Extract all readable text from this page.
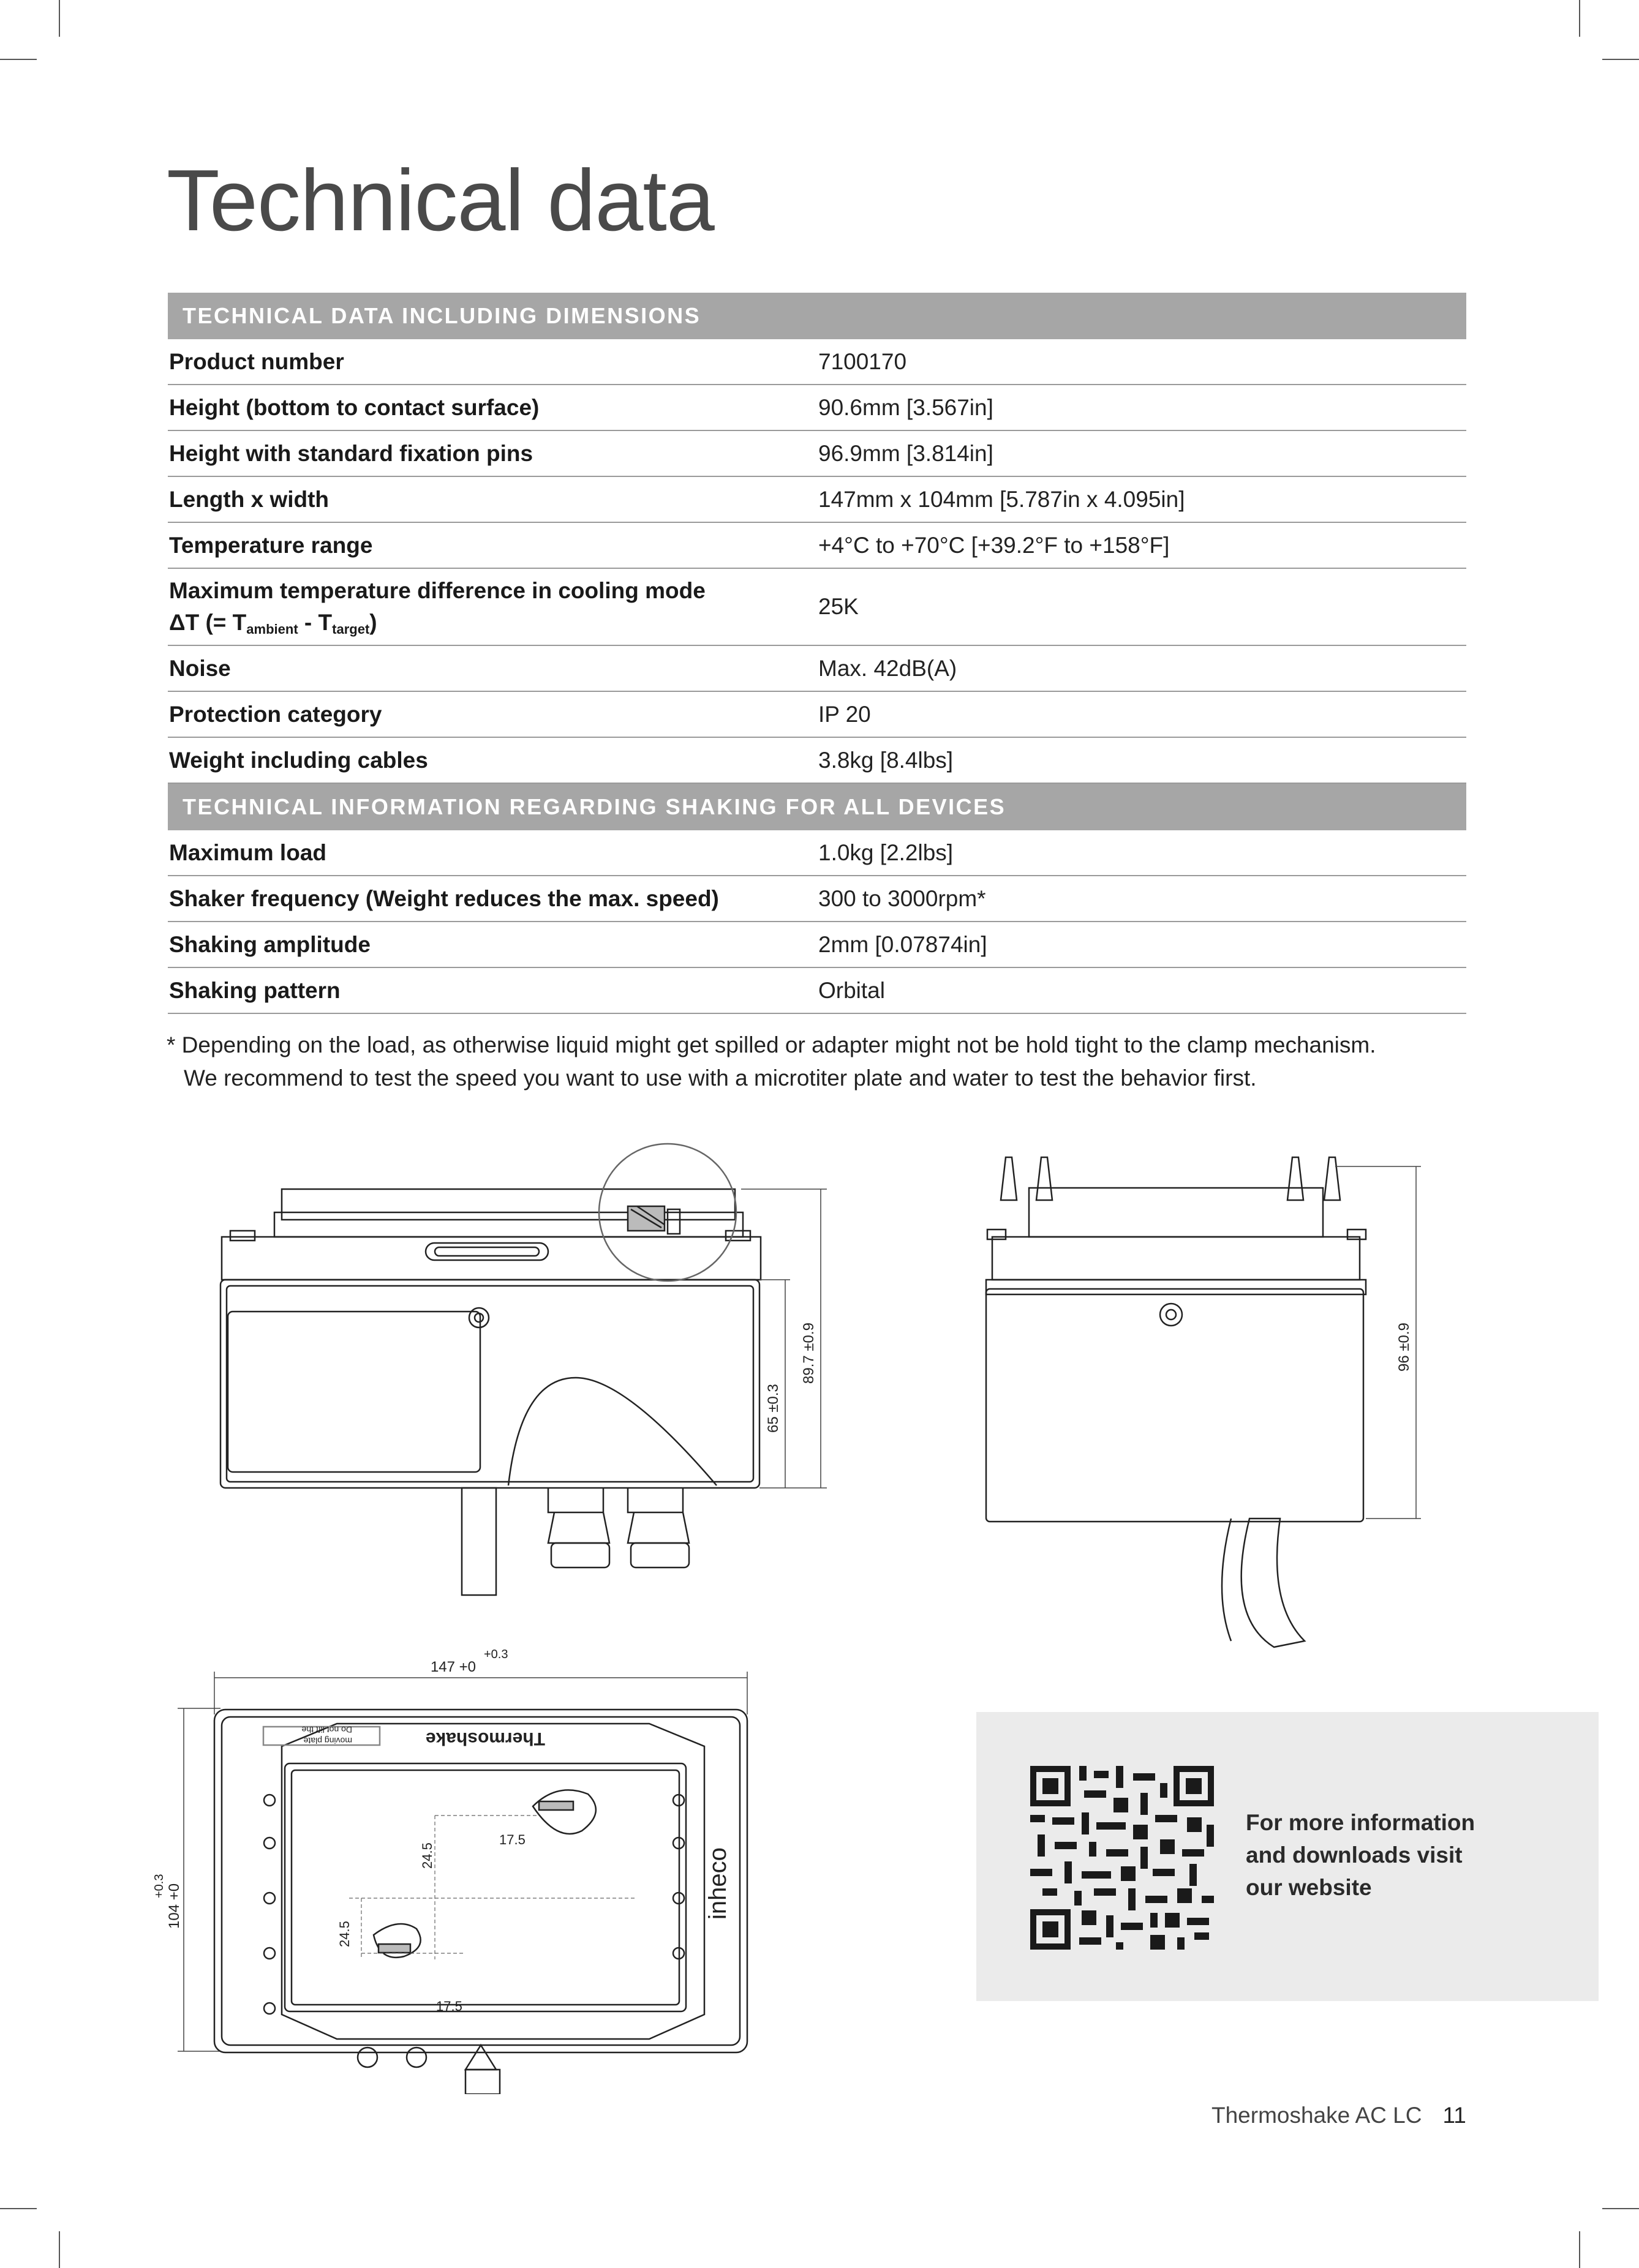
Technical data
TECHNICAL DATA INCLUDING DIMENSIONS	
Product number	7100170
Height (bottom to contact surface)	90.6mm [3.567in]
Height with standard fixation pins	96.9mm [3.814in]
Length x width	147mm x 104mm [5.787in x 4.095in]
Temperature range	+4°C to +70°C [+39.2°F to +158°F]

Maximum temperature difference in cooling mode
ΔT (= $T_{ambient} - T_{target}$)	25K
Noise	Max. 42dB(A)
Protection category	IP 20
Weight including cables	3.8kg [8.4lbs]
TECHNICAL INFORMATION REGARDING SHAKING FOR ALL DEVICES	
Maximum load	1.0kg [2.2lbs]
Shaker frequency (Weight reduces the max. speed)	300 to 3000rpm*
Shaking amplitude	2mm [0.07874in]
Shaking pattern	Orbital
* Depending on the load, as otherwise liquid might get spilled or adapter might not be hold tight to the clamp mechanism.
We recommend to test the speed you want to use with a microtiter plate and water to test the behavior first.
65 ±0.3
89.7 ±0.9	96 ±0.9
147 +0
+0.3
104 +0
+0.3
24.5
17.5
24.5
17.5
inheco
Thermoshake
Do not lift the
moving plate
For more information
and downloads visit
our website
Thermoshake AC LC 11
